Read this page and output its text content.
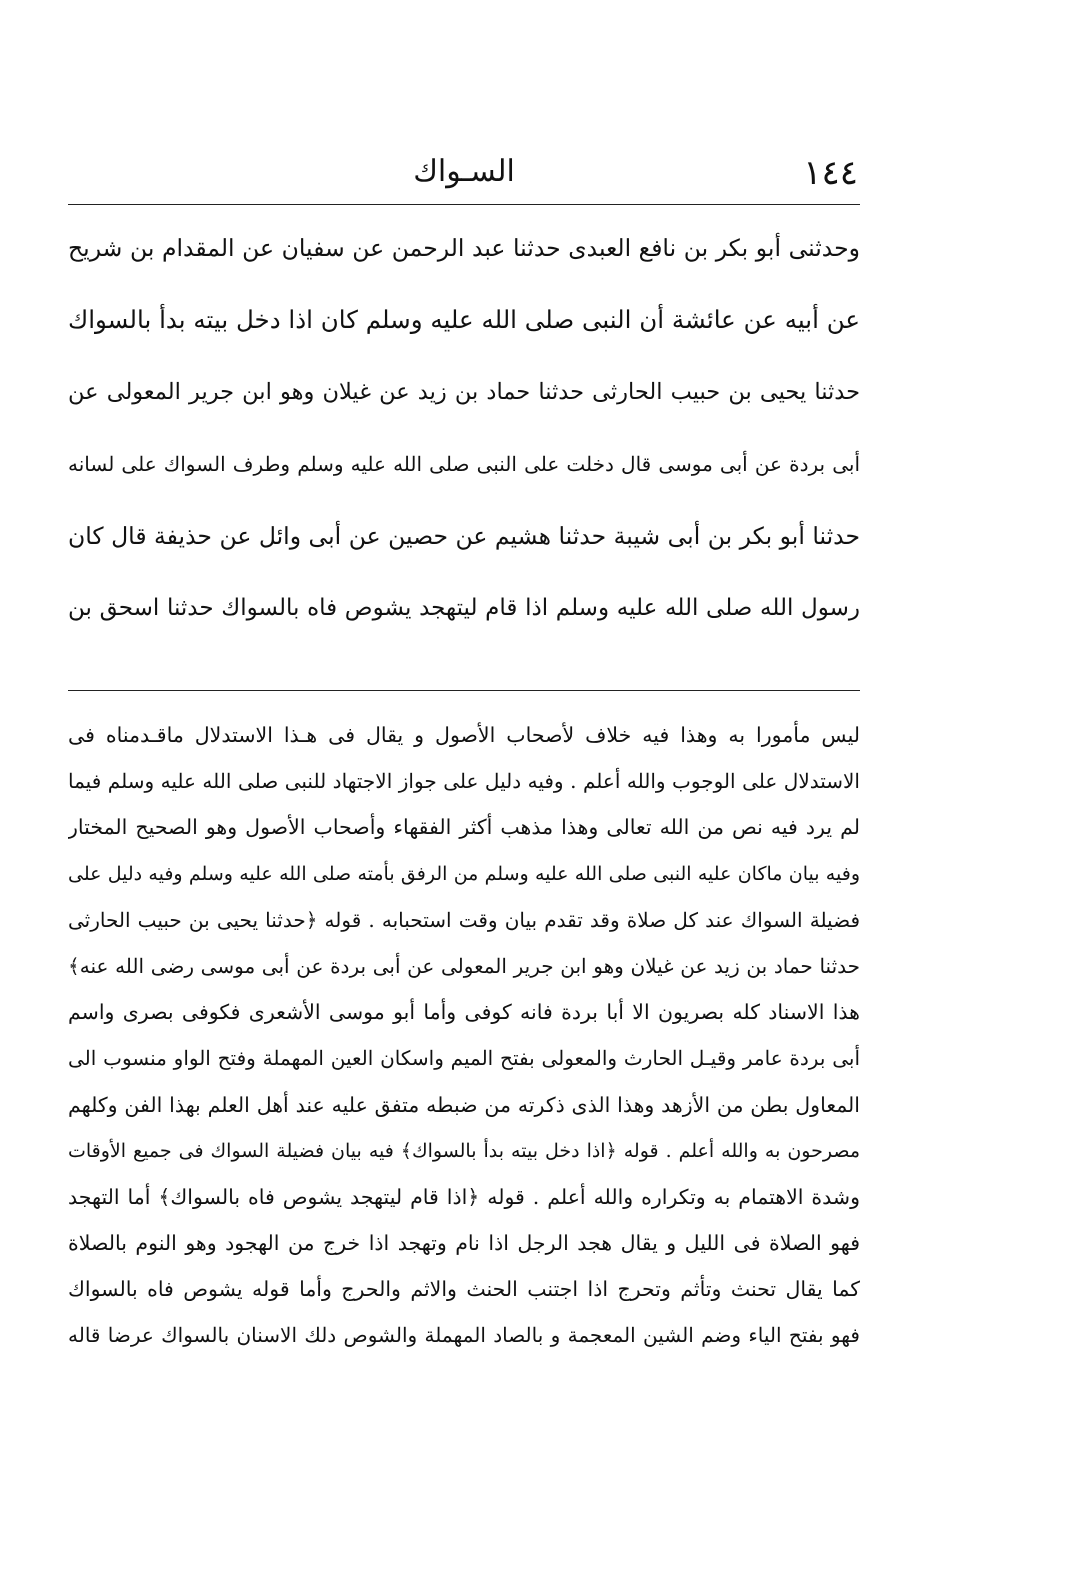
١٤٤
السـواك
وحدثنى أبو بكر بن نافع العبدى حدثنا عبد الرحمن عن سفيان عن المقدام بن شريح
عن أبيه عن عائشة أن النبى صلى الله عليه وسلم كان اذا دخل بيته بدأ بالسواك
حدثنا يحيى بن حبيب الحارثى حدثنا حماد بن زيد عن غيلان وهو ابن جرير المعولى عن
أبى بردة عن أبى موسى قال دخلت على النبى صلى الله عليه وسلم وطرف السواك على لسانه
حدثنا أبو بكر بن أبى شيبة حدثنا هشيم عن حصين عن أبى وائل عن حذيفة قال كان
رسول الله صلى الله عليه وسلم اذا قام ليتهجد يشوص فاه بالسواك حدثنا اسحق بن
ليس مأمورا به وهذا فيه خلاف لأصحاب الأصول و يقال فى هـذا الاستدلال ماقـدمناه فى
الاستدلال على الوجوب والله أعلم . وفيه دليل على جواز الاجتهاد للنبى صلى الله عليه وسلم فيما
لم يرد فيه نص من الله تعالى وهذا مذهب أكثر الفقهاء وأصحاب الأصول وهو الصحيح المختار
وفيه بيان ماكان عليه النبى صلى الله عليه وسلم من الرفق بأمته صلى الله عليه وسلم وفيه دليل على
فضيلة السواك عند كل صلاة وقد تقدم بيان وقت استحبابه . قوله ﴿حدثنا يحيى بن حبيب الحارثى
حدثنا حماد بن زيد عن غيلان وهو ابن جرير المعولى عن أبى بردة عن أبى موسى رضى الله عنه﴾
هذا الاسناد كله بصريون الا أبا بردة فانه كوفى وأما أبو موسى الأشعرى فكوفى بصرى واسم
أبى بردة عامر وقيـل الحارث والمعولى بفتح الميم واسكان العين المهملة وفتح الواو منسوب الى
المعاول بطن من الأزهد وهذا الذى ذكرته من ضبطه متفق عليه عند أهل العلم بهذا الفن وكلهم
مصرحون به والله أعلم . قوله ﴿اذا دخل بيته بدأ بالسواك﴾ فيه بيان فضيلة السواك فى جميع الأوقات
وشدة الاهتمام به وتكراره والله أعلم . قوله ﴿اذا قام ليتهجد يشوص فاه بالسواك﴾ أما التهجد
فهو الصلاة فى الليل و يقال هجد الرجل اذا نام وتهجد اذا خرج من الهجود وهو النوم بالصلاة
كما يقال تحنث وتأثم وتحرج اذا اجتنب الحنث والاثم والحرج وأما قوله يشوص فاه بالسواك
فهو بفتح الياء وضم الشين المعجمة و بالصاد المهملة والشوص دلك الاسنان بالسواك عرضا قاله
